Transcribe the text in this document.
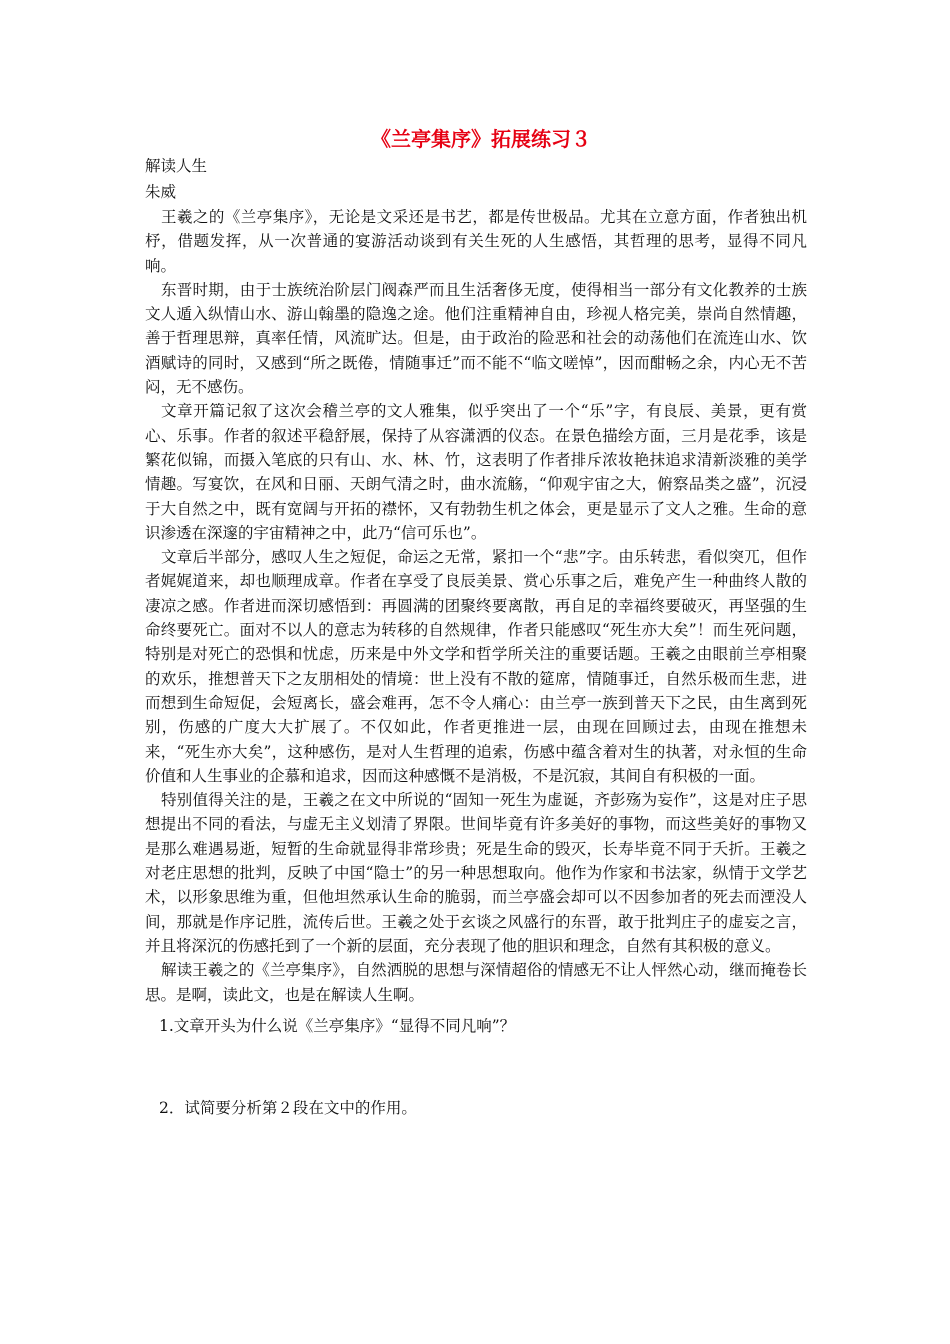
《兰亭集序》拓展练习３

解读人生

朱威

王羲之的《兰亭集序》，无论是文采还是书艺，都是传世极品。尤其在立意方面，作者独出机杼，借题发挥，从一次普通的宴游活动谈到有关生死的人生感悟，其哲理的思考，显得不同凡响。

东晋时期，由于士族统治阶层门阀森严而且生活奢侈无度，使得相当一部分有文化教养的士族文人遁入纵情山水、游山翰墨的隐逸之途。他们注重精神自由，珍视人格完美，崇尚自然情趣，善于哲理思辩，真率任情，风流旷达。但是，由于政治的险恶和社会的动荡他们在流连山水、饮酒赋诗的同时，又感到“所之既倦，情随事迁”而不能不“临文嗟悼”，因而酣畅之余，内心无不苦闷，无不感伤。

文章开篇记叙了这次会稽兰亭的文人雅集，似乎突出了一个“乐”字，有良辰、美景，更有赏心、乐事。作者的叙述平稳舒展，保持了从容潇洒的仪态。在景色描绘方面，三月是花季，该是繁花似锦，而摄入笔底的只有山、水、林、竹，这表明了作者排斥浓妆艳抹追求清新淡雅的美学情趣。写宴饮，在风和日丽、天朗气清之时，曲水流觞，“仰观宇宙之大，俯察品类之盛”，沉浸于大自然之中，既有宽阔与开拓的襟怀，又有勃勃生机之体会，更是显示了文人之雅。生命的意识渗透在深邃的宇宙精神之中，此乃“信可乐也”。

文章后半部分，感叹人生之短促，命运之无常，紧扣一个“悲”字。由乐转悲，看似突兀，但作者娓娓道来，却也顺理成章。作者在享受了良辰美景、赏心乐事之后，难免产生一种曲终人散的凄凉之感。作者进而深切感悟到：再圆满的团聚终要离散，再自足的幸福终要破灭，再坚强的生命终要死亡。面对不以人的意志为转移的自然规律，作者只能感叹“死生亦大矣”！而生死问题，特别是对死亡的恐惧和忧虑，历来是中外文学和哲学所关注的重要话题。王羲之由眼前兰亭相聚的欢乐，推想普天下之友朋相处的情境：世上没有不散的筵席，情随事迁，自然乐极而生悲，进而想到生命短促，会短离长，盛会难再，怎不令人痛心：由兰亭一族到普天下之民，由生离到死别，伤感的广度大大扩展了。不仅如此，作者更推进一层，由现在回顾过去，由现在推想未来，“死生亦大矣”，这种感伤，是对人生哲理的追索，伤感中蕴含着对生的执著，对永恒的生命价值和人生事业的企慕和追求，因而这种感慨不是消极，不是沉寂，其间自有积极的一面。

特别值得关注的是，王羲之在文中所说的“固知一死生为虚诞，齐彭殇为妄作”，这是对庄子思想提出不同的看法，与虚无主义划清了界限。世间毕竟有许多美好的事物，而这些美好的事物又是那么难遇易逝，短暂的生命就显得非常珍贵；死是生命的毁灭，长寿毕竟不同于夭折。王羲之对老庄思想的批判，反映了中国“隐士”的另一种思想取向。他作为作家和书法家，纵情于文学艺术，以形象思维为重，但他坦然承认生命的脆弱，而兰亭盛会却可以不因参加者的死去而湮没人间，那就是作序记胜，流传后世。王羲之处于玄谈之风盛行的东晋，敢于批判庄子的虚妄之言，并且将深沉的伤感托到了一个新的层面，充分表现了他的胆识和理念，自然有其积极的意义。

解读王羲之的《兰亭集序》，自然洒脱的思想与深情超俗的情感无不让人怦然心动，继而掩卷长思。是啊，读此文，也是在解读人生啊。

1.文章开头为什么说《兰亭集序》“显得不同凡响”？

2．试简要分析第２段在文中的作用。
